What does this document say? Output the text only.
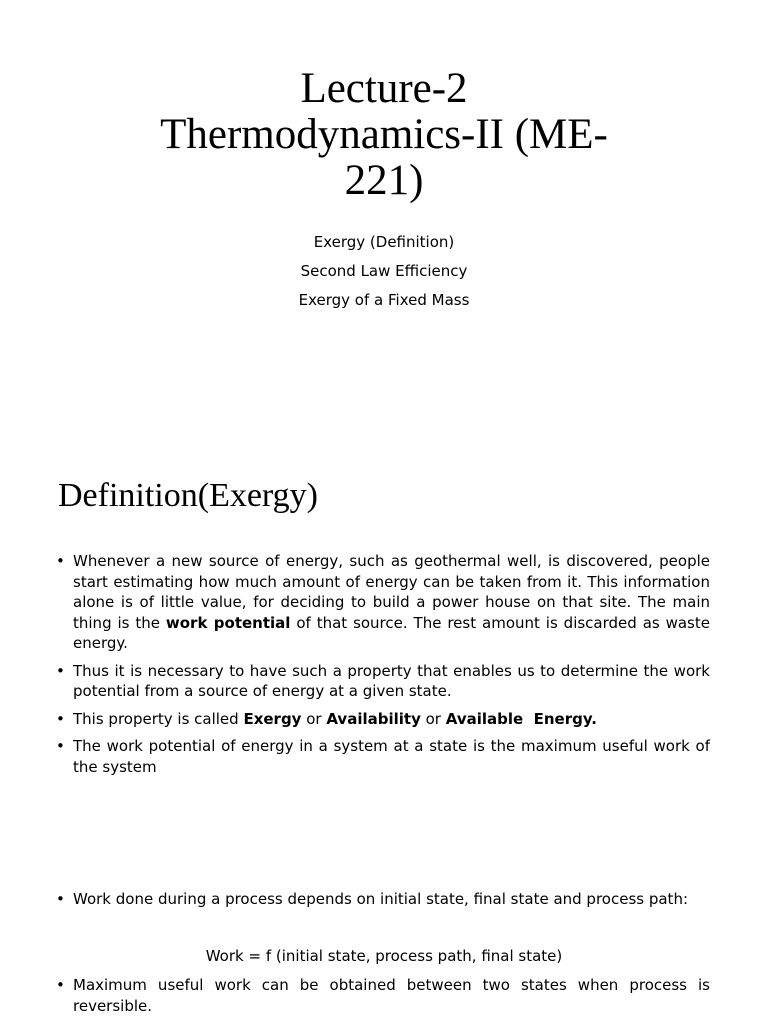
Lecture-2
Thermodynamics-II (ME-
221)
Exergy (Definition)
Second Law Efficiency
Exergy of a Fixed Mass
Definition(Exergy)
• Whenever a new source of energy, such as geothermal well, is discovered, people start estimating how much amount of energy can be taken from it. This information alone is of little value, for deciding to build a power house on that site. The main thing is the work potential of that source. The rest amount is discarded as waste energy.
• Thus it is necessary to have such a property that enables us to determine the work potential from a source of energy at a given state.
• This property is called Exergy or Availability or Available  Energy.
• The work potential of energy in a system at a state is the maximum useful work of the system
• Work done during a process depends on initial state, final state and process path:
Work = f (initial state, process path, final state)
• Maximum useful work can be obtained between two states when process is reversible.
